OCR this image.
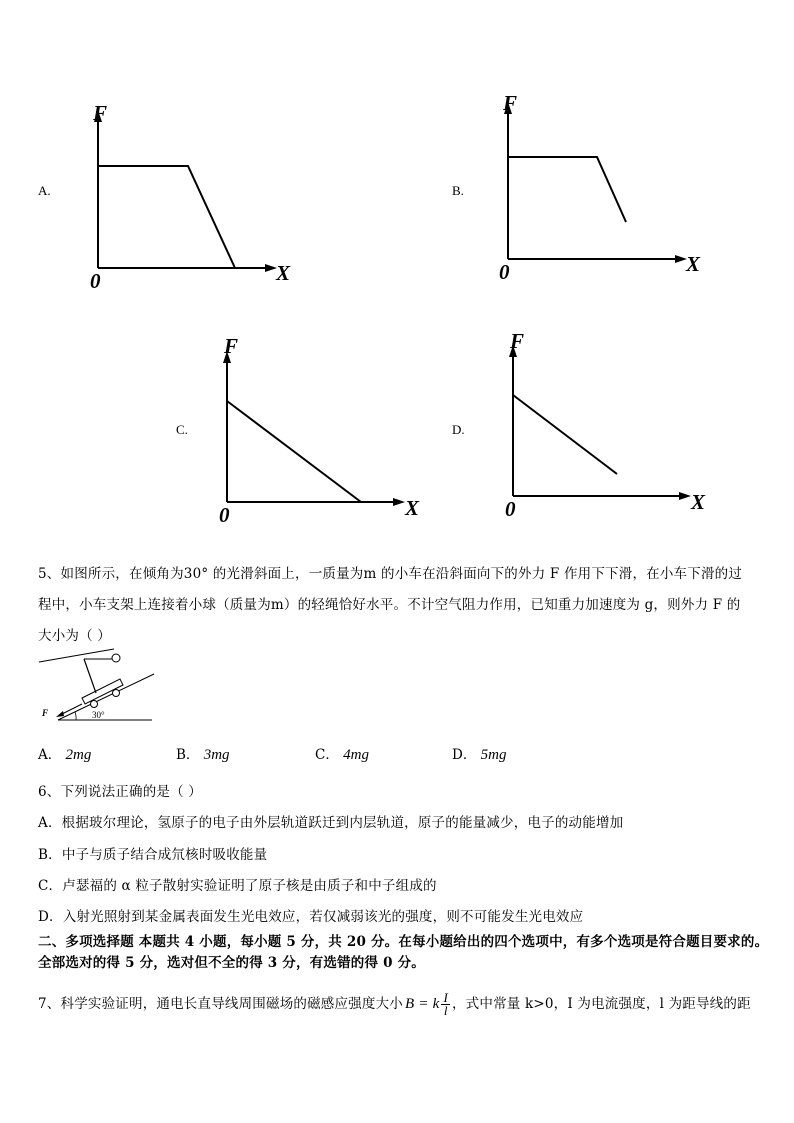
A.
F
X
0
B.
F
X
0
C.
F
X
0
D.
F
X
0
5、如图所示，在倾角为30° 的光滑斜面上，一质量为m 的小车在沿斜面向下的外力 F 作用下下滑，在小车下滑的过
程中，小车支架上连接着小球（质量为m）的轻绳恰好水平。不计空气阻力作用，已知重力加速度为 g，则外力 F 的
大小为（ ）
F	30°
A． 2mg	B． 3mg	C． 4mg	D． 5mg
6、下列说法正确的是（ ）
A．根据玻尔理论，氢原子的电子由外层轨道跃迁到内层轨道，原子的能量减少，电子的动能增加
B．中子与质子结合成氘核时吸收能量
C．卢瑟福的 α 粒子散射实验证明了原子核是由质子和中子组成的
D．入射光照射到某金属表面发生光电效应，若仅减弱该光的强度，则不可能发生光电效应
二、多项选择题 本题共 4 小题，每小题 5 分，共 20 分。在每小题给出的四个选项中，有多个选项是符合题目要求的。
全部选对的得 5 分，选对但不全的得 3 分，有选错的得 0 分。
7、科学实验证明，通电长直导线周围磁场的磁感应强度大小 B = k $\frac{I}{l}$ ，式中常量 k>0，I 为电流强度，l 为距导线的距
